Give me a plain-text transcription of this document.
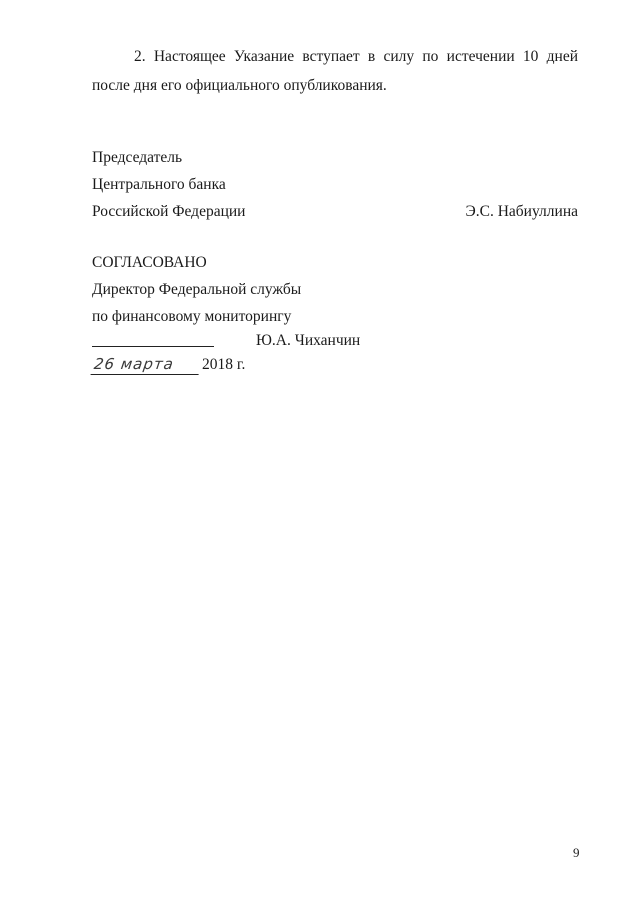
2. Настоящее Указание вступает в силу по истечении 10 дней после дня его официального опубликования.
Председатель
Центрального банка
Российской Федерации	Э.С. Набиуллина
СОГЛАСОВАНО
Директор Федеральной службы
по финансовому мониторингу
Ю.А. Чиханчин
26 марта 2018 г.
9
